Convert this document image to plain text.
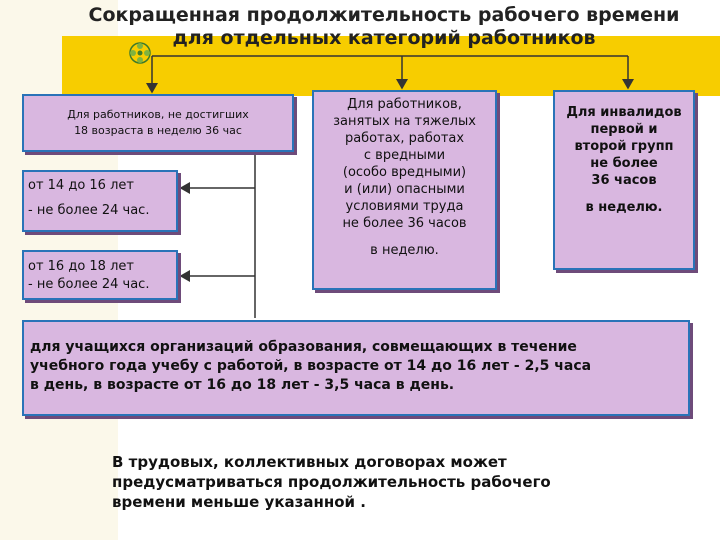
Сокращенная продолжительность рабочего времени
для отдельных категорий работников
Для работников, не достигших
18 возраста в неделю 36 час
от 14 до 16 лет
- не более 24 час.
от 16 до 18 лет
- не более 24 час.
Для работников,
занятых на тяжелых
работах, работах
с вредными
(особо вредными)
и (или) опасными
условиями труда
не более 36 часов
в неделю.
Для инвалидов
первой и
второй групп
не более
36 часов
в неделю.
для учащихся организаций образования, совмещающих в течение
учебного года учебу с работой, в возрасте от 14 до 16 лет - 2,5 часа
в день, в возрасте от 16 до 18 лет - 3,5 часа в день.
В трудовых, коллективных договорах может
предусматриваться продолжительность рабочего
времени меньше указанной .
